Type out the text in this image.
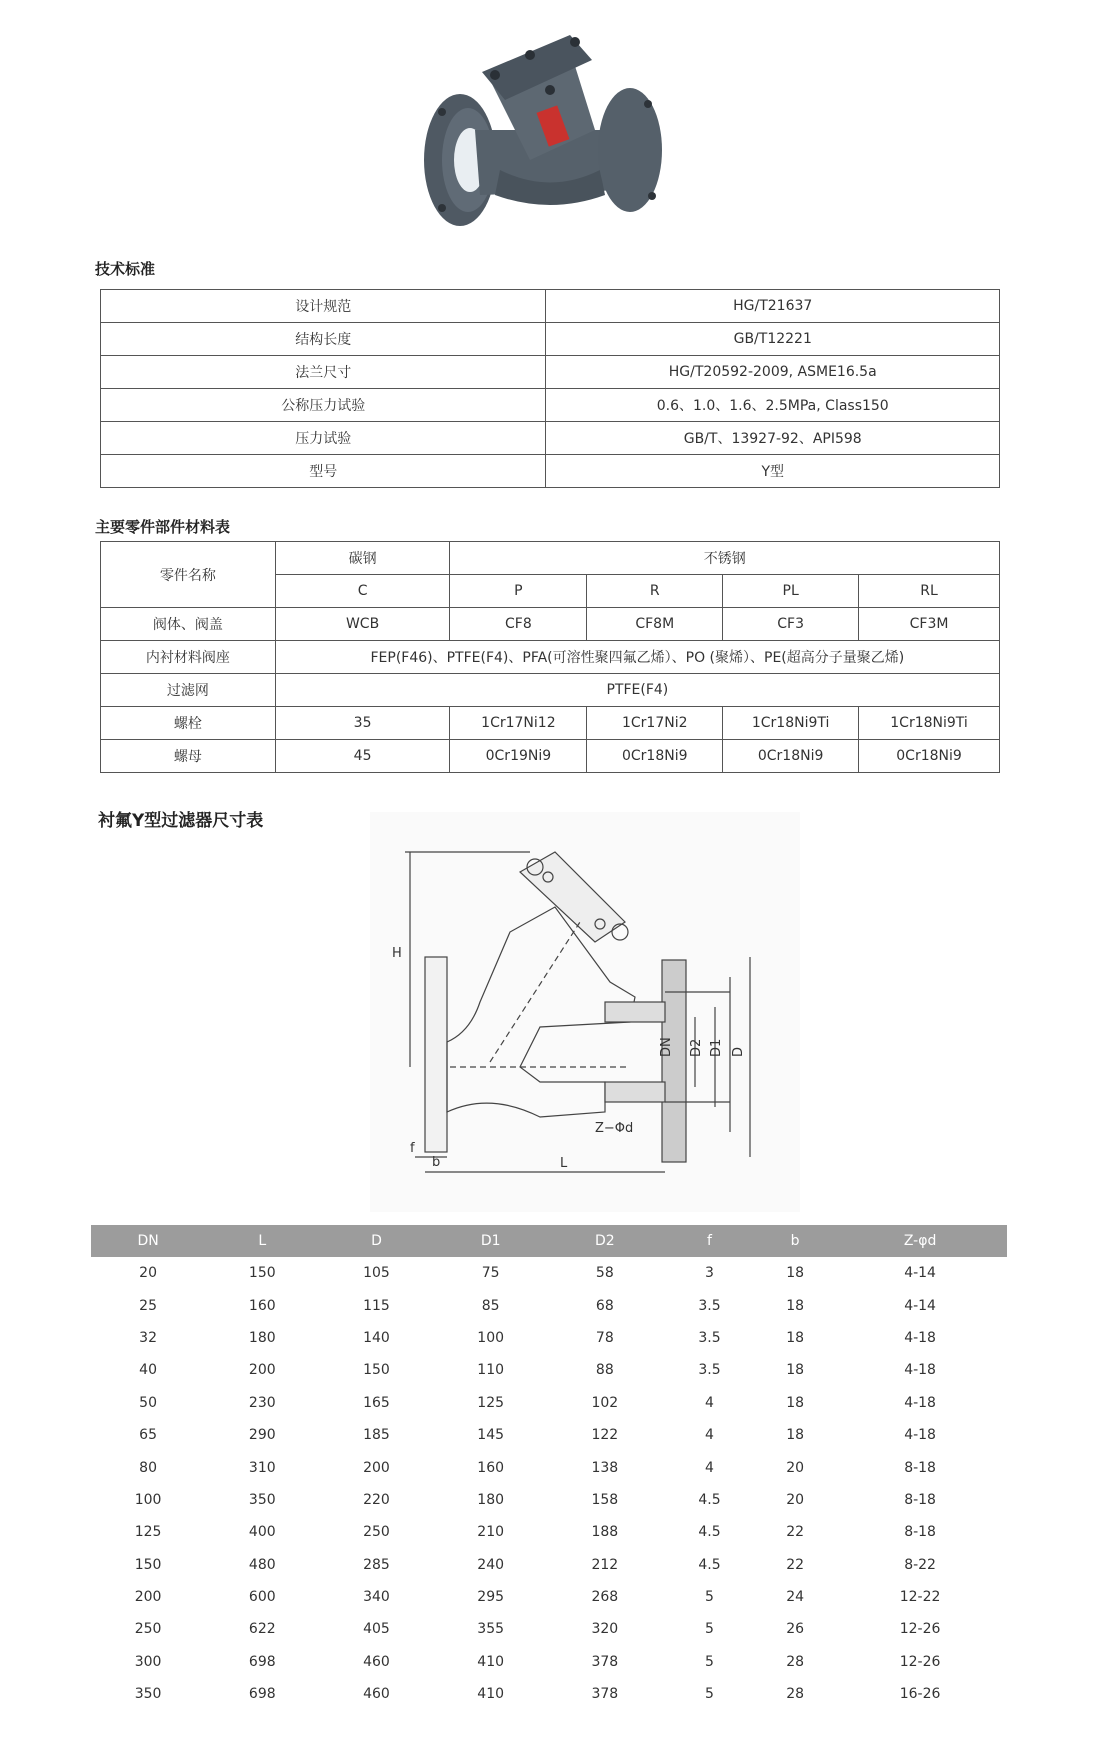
技术标准
设计规范	HG/T21637
结构长度	GB/T12221
法兰尺寸	HG/T20592-2009, ASME16.5a
公称压力试验	0.6、1.0、1.6、2.5MPa, Class150
压力试验	GB/T、13927-92、API598
型号	Y型
主要零件部件材料表
零件名称	碳钢	不锈钢			
	C	P	R	PL	RL
阀体、阀盖	WCB	CF8	CF8M	CF3	CF3M
内衬材料阀座	FEP(F46)、PTFE(F4)、PFA(可溶性聚四氟乙烯）、PO (聚烯）、PE(超高分子量聚乙烯)				
过滤网	PTFE(F4)				
螺栓	35	1Cr17Ni12	1Cr17Ni2	1Cr18Ni9Ti	1Cr18Ni9Ti
螺母	45	0Cr19Ni9	0Cr18Ni9	0Cr18Ni9	0Cr18Ni9
衬氟Y型过滤器尺寸表
H
DN D2 D1 D
Z−Φd
f
b	L
DN	L	D	D1	D2	f	b	Z-φd
20	150	105	75	58	3	18	4-14
25	160	115	85	68	3.5	18	4-14
32	180	140	100	78	3.5	18	4-18
40	200	150	110	88	3.5	18	4-18
50	230	165	125	102	4	18	4-18
65	290	185	145	122	4	18	4-18
80	310	200	160	138	4	20	8-18
100	350	220	180	158	4.5	20	8-18
125	400	250	210	188	4.5	22	8-18
150	480	285	240	212	4.5	22	8-22
200	600	340	295	268	5	24	12-22
250	622	405	355	320	5	26	12-26
300	698	460	410	378	5	28	12-26
350	698	460	410	378	5	28	16-26
